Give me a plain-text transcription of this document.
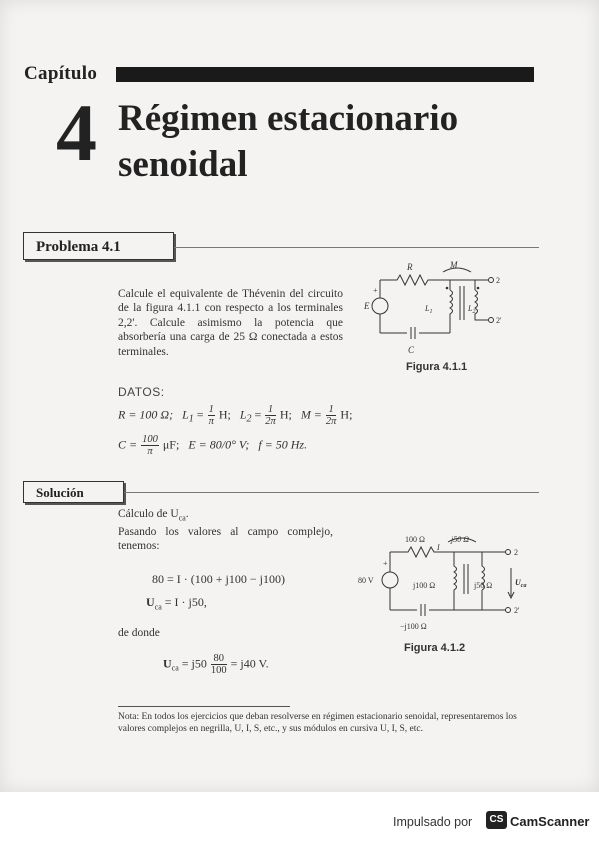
Capítulo
4 Régimen estacionario
senoidal
Problema 4.1
Calcule el equivalente de Thévenin del circuito de la figura 4.1.1 con respecto a los terminales 2,2'. Calcule asimismo la potencia que absorbería una carga de 25 Ω conectada a estos terminales.
R	M
E
+
$L_1$	$L_2$
C
2
2'
Figura 4.1.1
DATOS:
R = 100 Ω; $L_1 = \frac{1}{\pi} H$; $L_2 = \frac{1}{2\pi} H$; $M = \frac{1}{2\pi} H$;
$C = \frac{100}{\pi} \mu F$; E = 80/0° V; f = 50 Hz.
Solución
Cálculo de $U_{ca}$.
Pasando los valores al campo complejo, tenemos:
80 = I · (100 + j100 − j100)
$U_{ca} = I \cdot j50$,
de donde
$U_{ca} = j50 \frac{80}{100} = j40$ V.
100 Ω	j50 Ω
I
80 V
+
j100 Ω	j50 Ω	$U_{ca}$
−j100 Ω
2
2'
Figura 4.1.2
Nota: En todos los ejercicios que deban resolverse en régimen estacionario senoidal, representaremos los valores complejos en negrilla, U, I, S, etc., y sus módulos en cursiva U, I, S, etc.
Impulsado por	CS CamScanner
